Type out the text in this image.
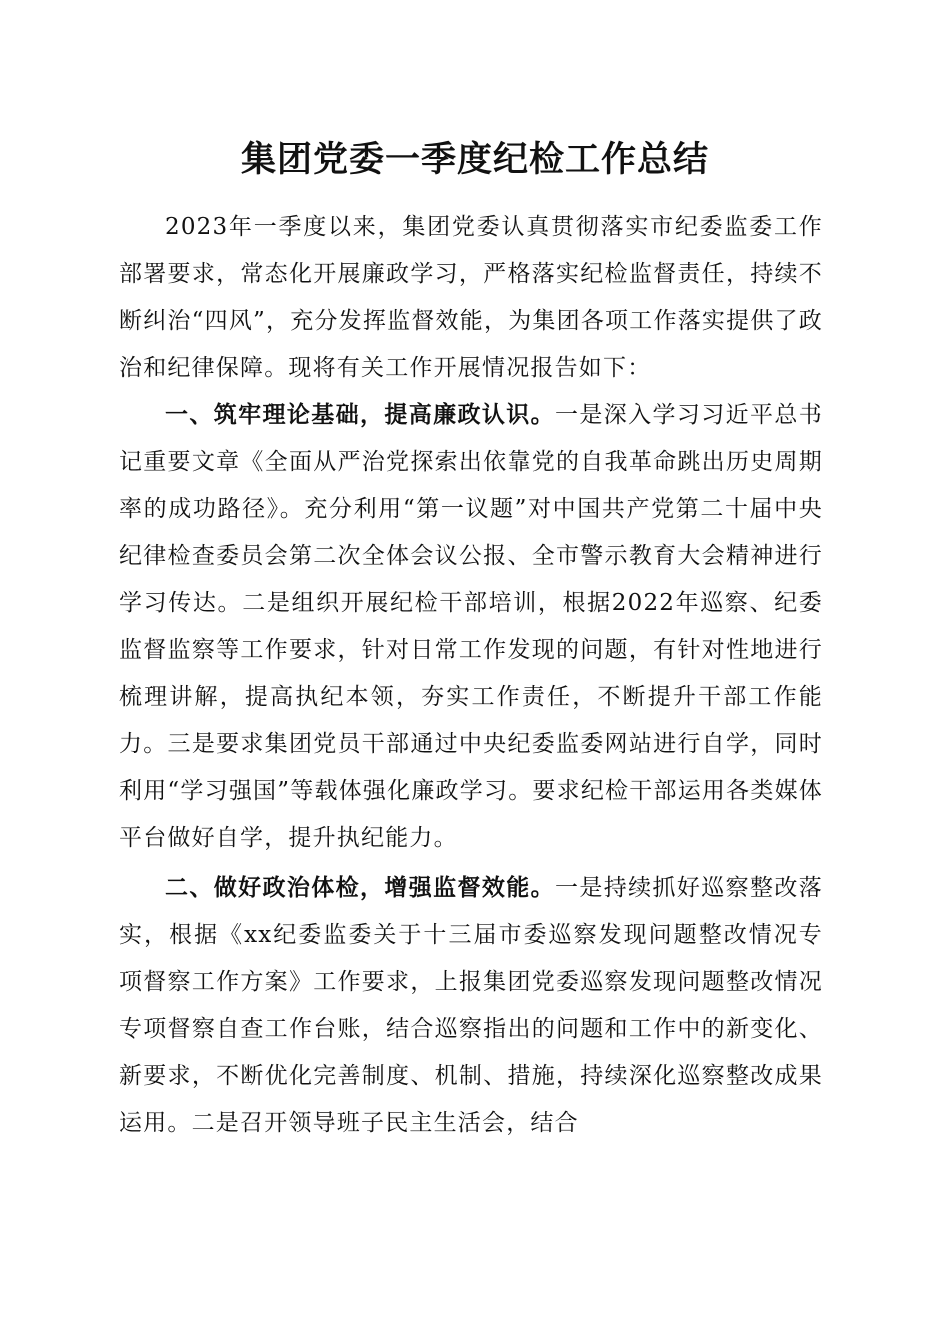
集团党委一季度纪检工作总结

2023年一季度以来，集团党委认真贯彻落实市纪委监委工作部署要求，常态化开展廉政学习，严格落实纪检监督责任，持续不断纠治“四风”，充分发挥监督效能，为集团各项工作落实提供了政治和纪律保障。现将有关工作开展情况报告如下：

一、筑牢理论基础，提高廉政认识。一是深入学习习近平总书记重要文章《全面从严治党探索出依靠党的自我革命跳出历史周期率的成功路径》。充分利用“第一议题”对中国共产党第二十届中央纪律检查委员会第二次全体会议公报、全市警示教育大会精神进行学习传达。二是组织开展纪检干部培训，根据2022年巡察、纪委监督监察等工作要求，针对日常工作发现的问题，有针对性地进行梳理讲解，提高执纪本领，夯实工作责任，不断提升干部工作能力。三是要求集团党员干部通过中央纪委监委网站进行自学，同时利用“学习强国”等载体强化廉政学习。要求纪检干部运用各类媒体平台做好自学，提升执纪能力。

二、做好政治体检，增强监督效能。一是持续抓好巡察整改落实，根据《xx纪委监委关于十三届市委巡察发现问题整改情况专项督察工作方案》工作要求，上报集团党委巡察发现问题整改情况专项督察自查工作台账，结合巡察指出的问题和工作中的新变化、新要求，不断优化完善制度、机制、措施，持续深化巡察整改成果运用。二是召开领导班子民主生活会，结合
